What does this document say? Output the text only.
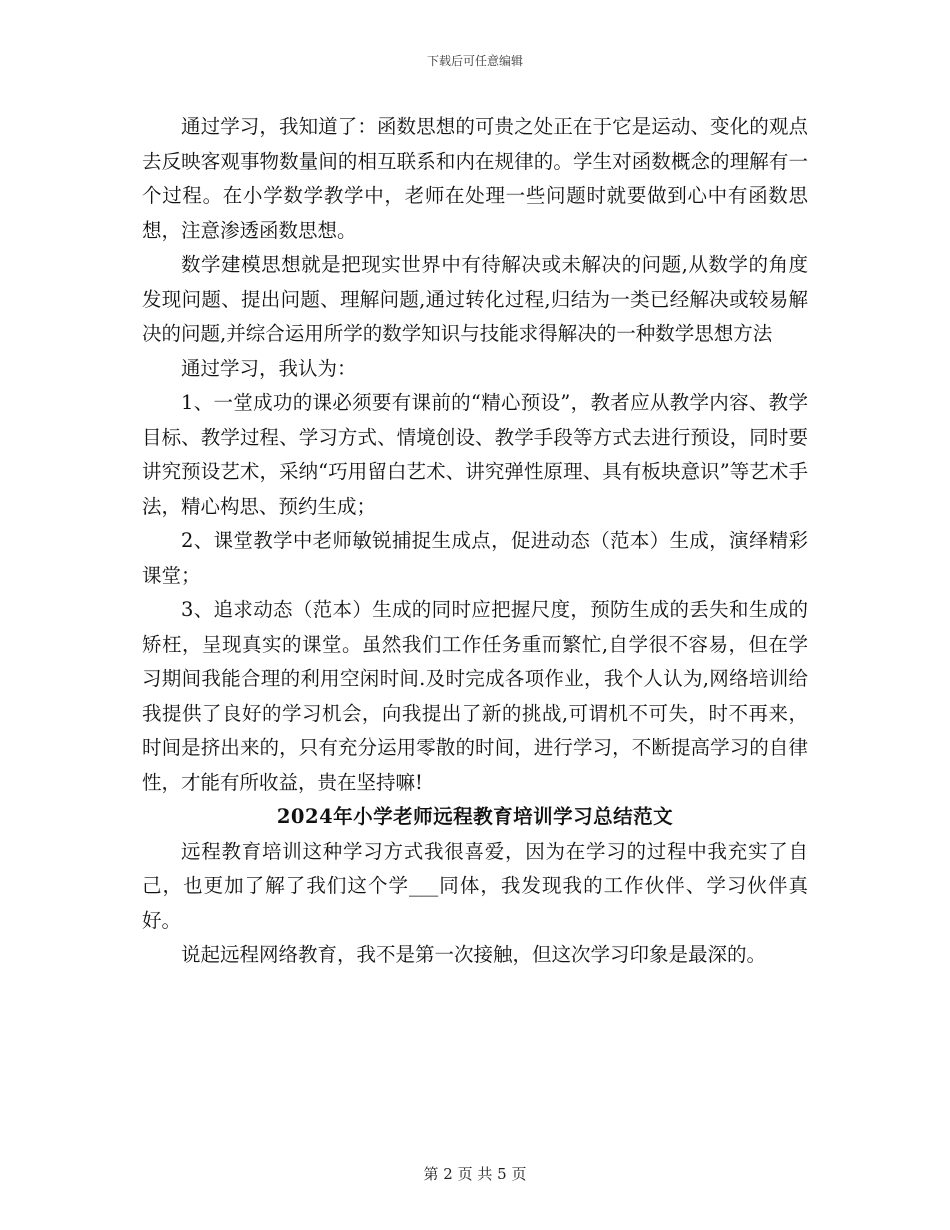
下载后可任意编辑

通过学习，我知道了：函数思想的可贵之处正在于它是运动、变化的观点去反映客观事物数量间的相互联系和内在规律的。学生对函数概念的理解有一个过程。在小学数学教学中，老师在处理一些问题时就要做到心中有函数思想，注意渗透函数思想。

数学建模思想就是把现实世界中有待解决或未解决的问题,从数学的角度发现问题、提出问题、理解问题,通过转化过程,归结为一类已经解决或较易解决的问题,并综合运用所学的数学知识与技能求得解决的一种数学思想方法

通过学习，我认为：

1、一堂成功的课必须要有课前的“精心预设”，教者应从教学内容、教学目标、教学过程、学习方式、情境创设、教学手段等方式去进行预设，同时要讲究预设艺术，采纳“巧用留白艺术、讲究弹性原理、具有板块意识”等艺术手法，精心构思、预约生成；

2、课堂教学中老师敏锐捕捉生成点，促进动态（范本）生成，演绎精彩课堂；

3、追求动态（范本）生成的同时应把握尺度，预防生成的丢失和生成的矫枉，呈现真实的课堂。虽然我们工作任务重而繁忙,自学很不容易，但在学习期间我能合理的利用空闲时间.及时完成各项作业，我个人认为,网络培训给我提供了良好的学习机会，向我提出了新的挑战,可谓机不可失，时不再来，时间是挤出来的，只有充分运用零散的时间，进行学习，不断提高学习的自律性，才能有所收益，贵在坚持嘛!

2024年小学老师远程教育培训学习总结范文

远程教育培训这种学习方式我很喜爱，因为在学习的过程中我充实了自己，也更加了解了我们这个学___同体，我发现我的工作伙伴、学习伙伴真好。

说起远程网络教育，我不是第一次接触，但这次学习印象是最深的。

第 2 页 共 5 页
